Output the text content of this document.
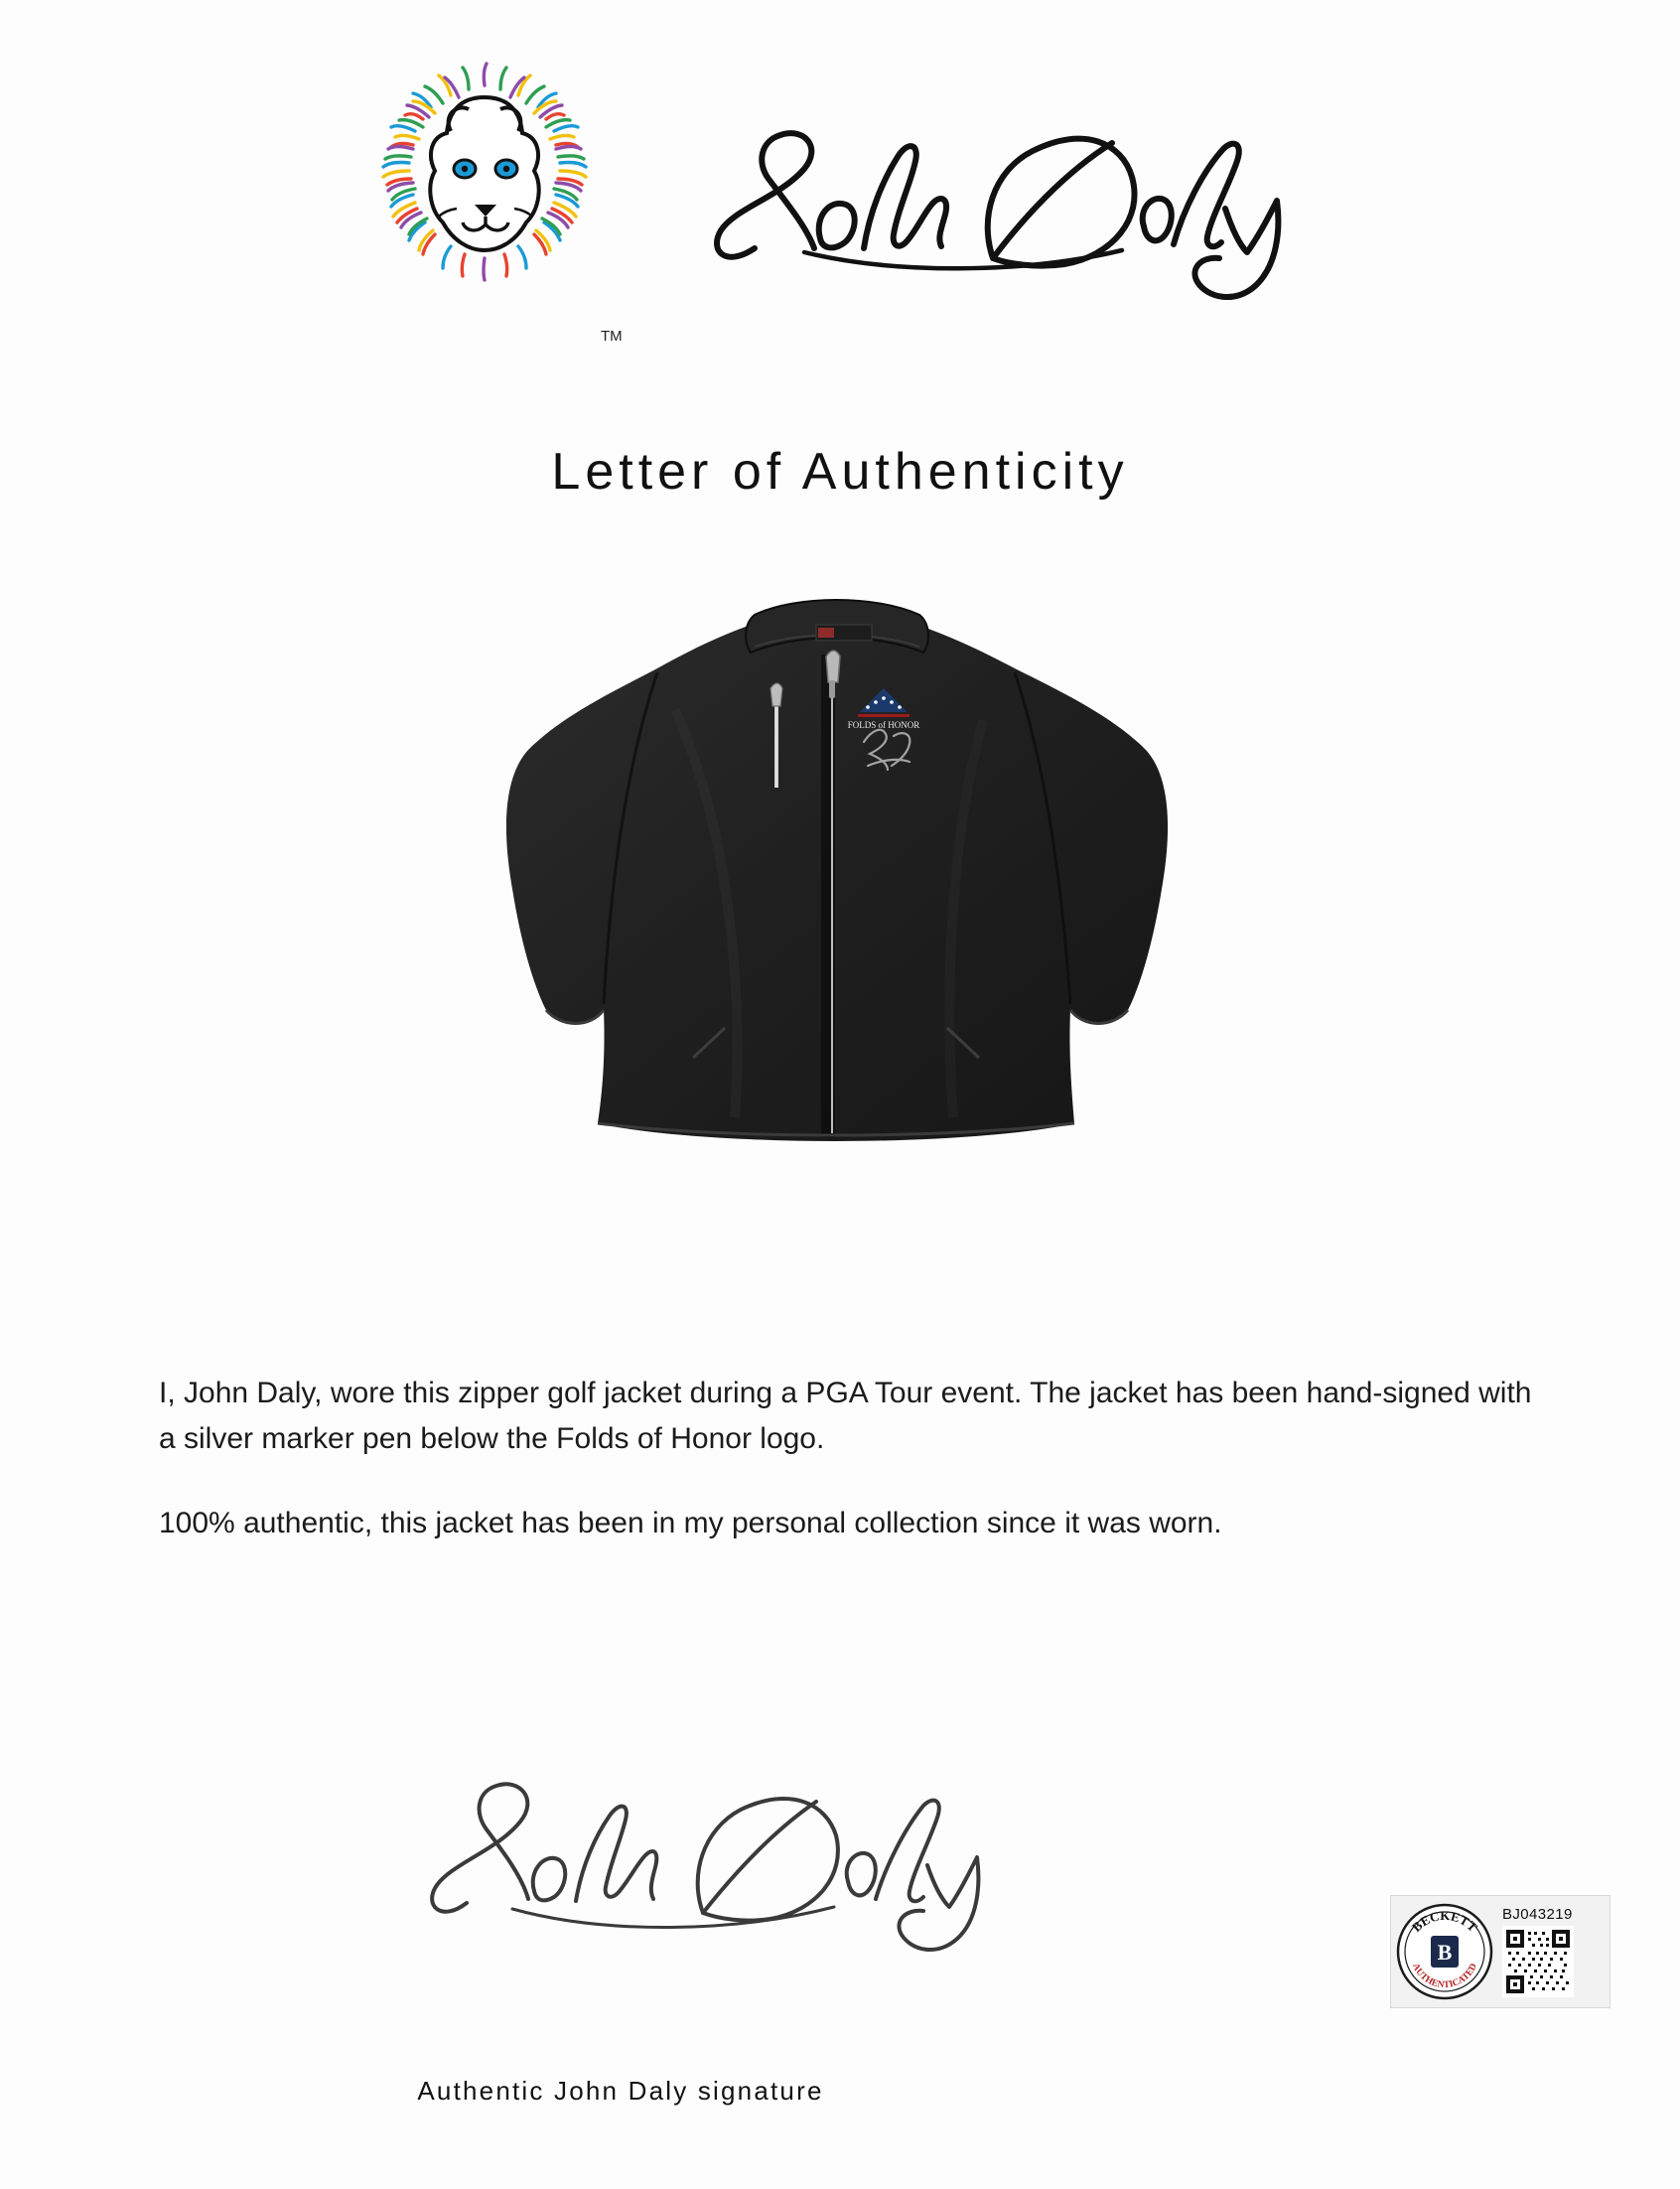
TM
Letter of Authenticity
FOLDS of HONOR

I, John Daly, wore this zipper golf jacket during a PGA Tour event. The jacket has been hand-signed with a silver marker pen below the Folds of Honor logo.

100% authentic, this jacket has been in my personal collection since it was worn.

Authentic John Daly signature
BECKETT
AUTHENTICATED
B
BJ043219
